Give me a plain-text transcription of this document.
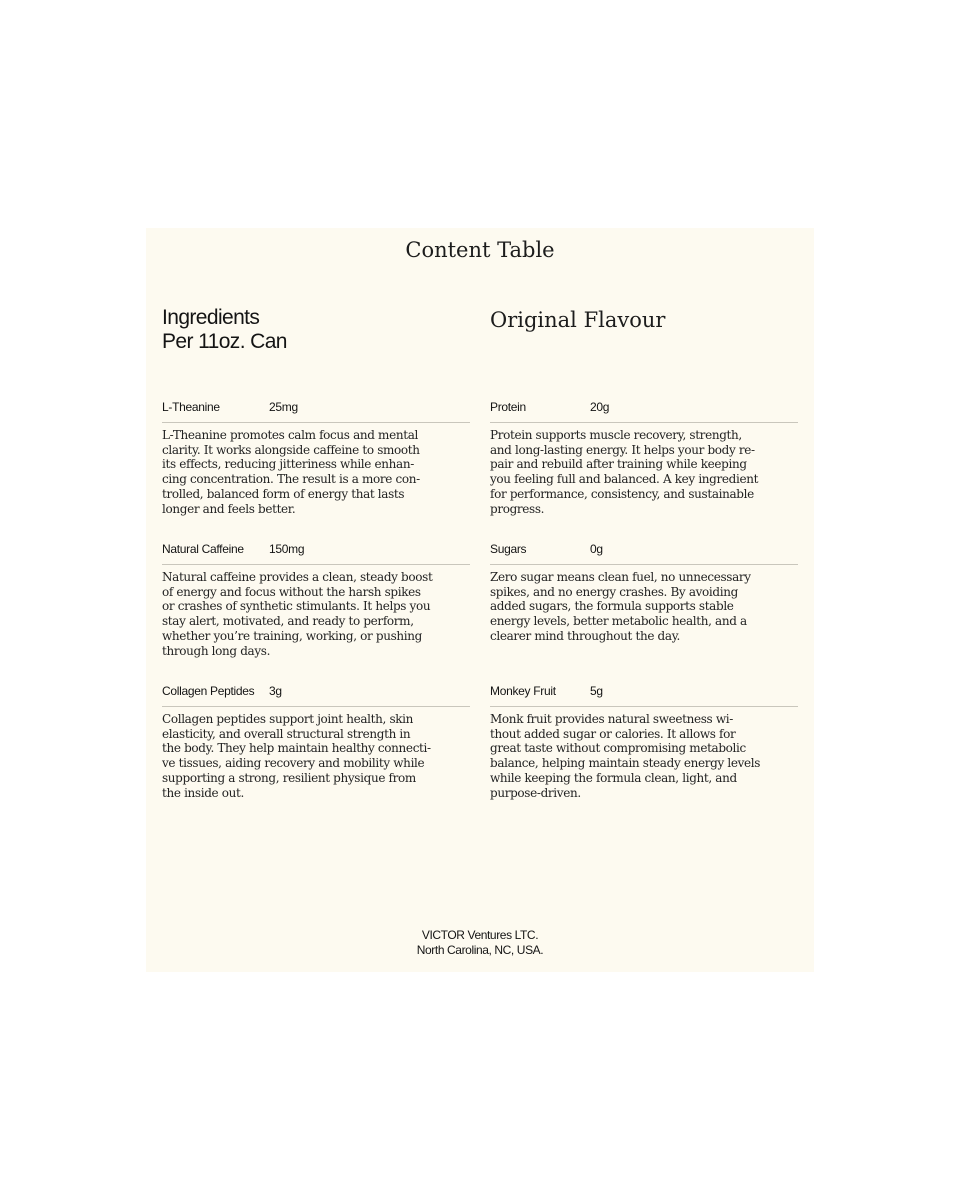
Content Table
Ingredients
Per 11oz. Can
Original Flavour
L-Theanine	25mg

L-Theanine promotes calm focus and mental
clarity. It works alongside caffeine to smooth
its effects, reducing jitteriness while enhan-
cing concentration. The result is a more con-
trolled, balanced form of energy that lasts
longer and feels better.

Protein	20g

Protein supports muscle recovery, strength,
and long-lasting energy. It helps your body re-
pair and rebuild after training while keeping
you feeling full and balanced. A key ingredient
for performance, consistency, and sustainable
progress.

Natural Caffeine 150mg

Natural caffeine provides a clean, steady boost
of energy and focus without the harsh spikes
or crashes of synthetic stimulants. It helps you
stay alert, motivated, and ready to perform,
whether you’re training, working, or pushing
through long days.

Sugars	0g

Zero sugar means clean fuel, no unnecessary
spikes, and no energy crashes. By avoiding
added sugars, the formula supports stable
energy levels, better metabolic health, and a
clearer mind throughout the day.

Collagen Peptides 3g

Collagen peptides support joint health, skin
elasticity, and overall structural strength in
the body. They help maintain healthy connecti-
ve tissues, aiding recovery and mobility while
supporting a strong, resilient physique from
the inside out.

Monkey Fruit	5g

Monk fruit provides natural sweetness wi-
thout added sugar or calories. It allows for
great taste without compromising metabolic
balance, helping maintain steady energy levels
while keeping the formula clean, light, and
purpose-driven.

VICTOR Ventures LTC.
North Carolina, NC, USA.
